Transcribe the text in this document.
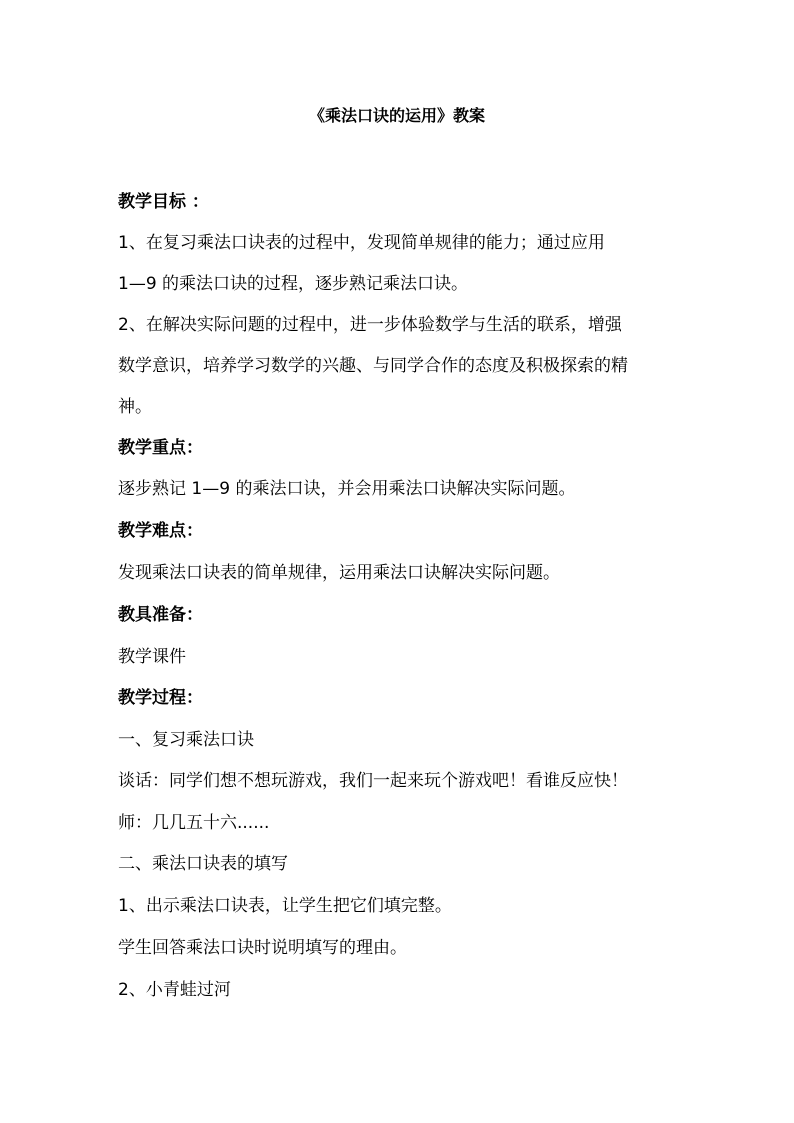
《乘法口诀的运用》教案
教学目标 ：
1、在复习乘法口诀表的过程中，发现简单规律的能力；通过应用
1—9 的乘法口诀的过程，逐步熟记乘法口诀。
2、在解决实际问题的过程中，进一步体验数学与生活的联系，增强
数学意识，培养学习数学的兴趣、与同学合作的态度及积极探索的精
神。
教学重点：
逐步熟记 1—9 的乘法口诀，并会用乘法口诀解决实际问题。
教学难点：
发现乘法口诀表的简单规律，运用乘法口诀解决实际问题。
教具准备：
教学课件
教学过程：
一、复习乘法口诀
谈话：同学们想不想玩游戏，我们一起来玩个游戏吧！看谁反应快！
师：几几五十六......
二、乘法口诀表的填写
1、出示乘法口诀表，让学生把它们填完整。
学生回答乘法口诀时说明填写的理由。
2、小青蛙过河
